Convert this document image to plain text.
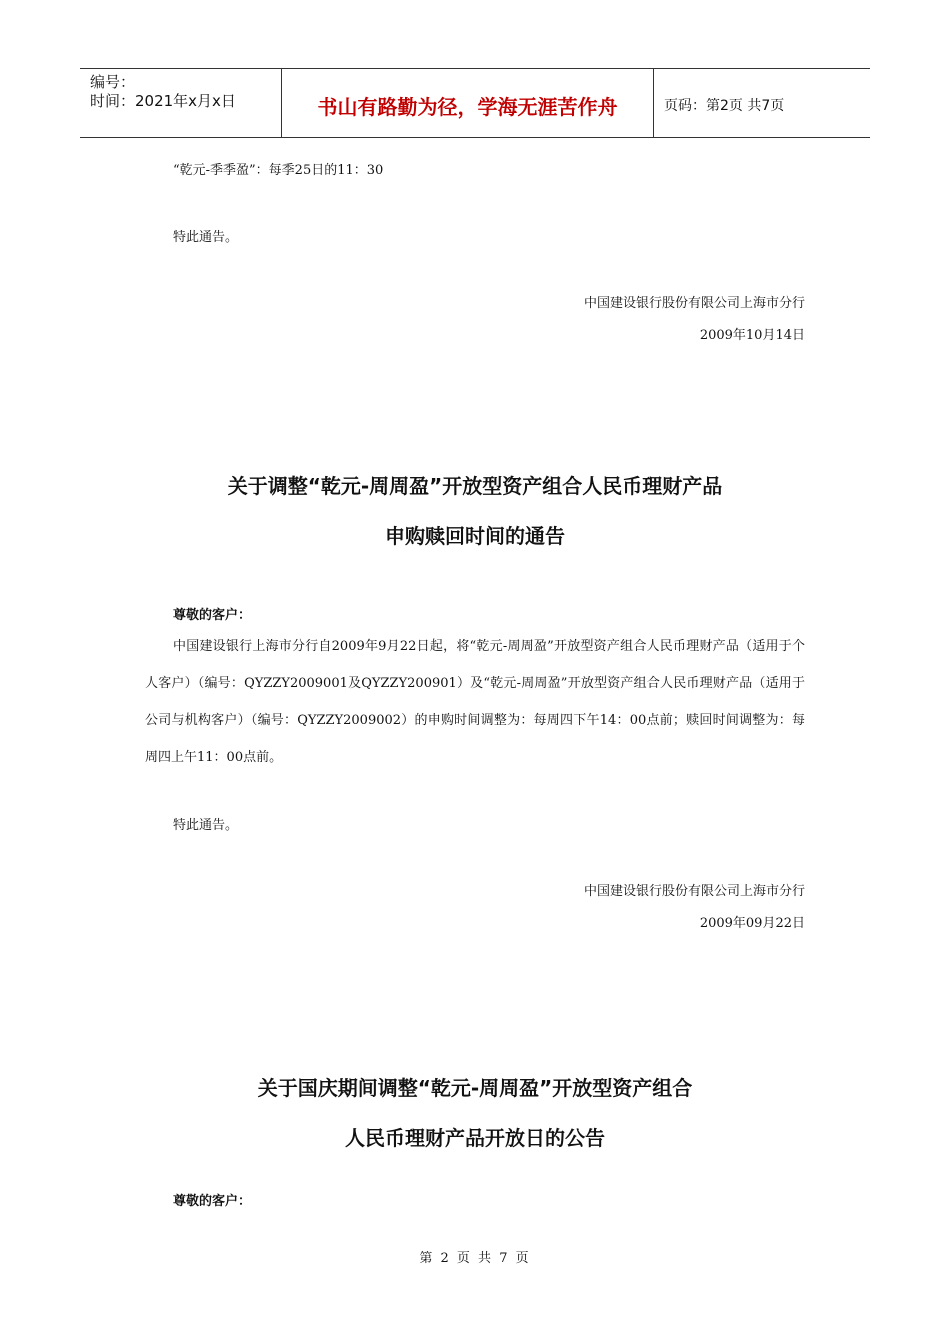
编号：
时间：2021年x月x日	书山有路勤为径，学海无涯苦作舟	页码：第2页 共7页
“乾元-季季盈”：每季25日的11：30
特此通告。
中国建设银行股份有限公司上海市分行
2009年10月14日
关于调整“乾元-周周盈”开放型资产组合人民币理财产品
申购赎回时间的通告
尊敬的客户：
中国建设银行上海市分行自2009年9月22日起，将“乾元-周周盈”开放型资产组合人民币理财产品（适用于个人客户）（编号：QYZZY2009001及QYZZY200901）及“乾元-周周盈”开放型资产组合人民币理财产品（适用于公司与机构客户）（编号：QYZZY2009002）的申购时间调整为：每周四下午14：00点前；赎回时间调整为：每周四上午11：00点前。
特此通告。
中国建设银行股份有限公司上海市分行
2009年09月22日
关于国庆期间调整“乾元-周周盈”开放型资产组合
人民币理财产品开放日的公告
尊敬的客户：
第 2 页 共 7 页
